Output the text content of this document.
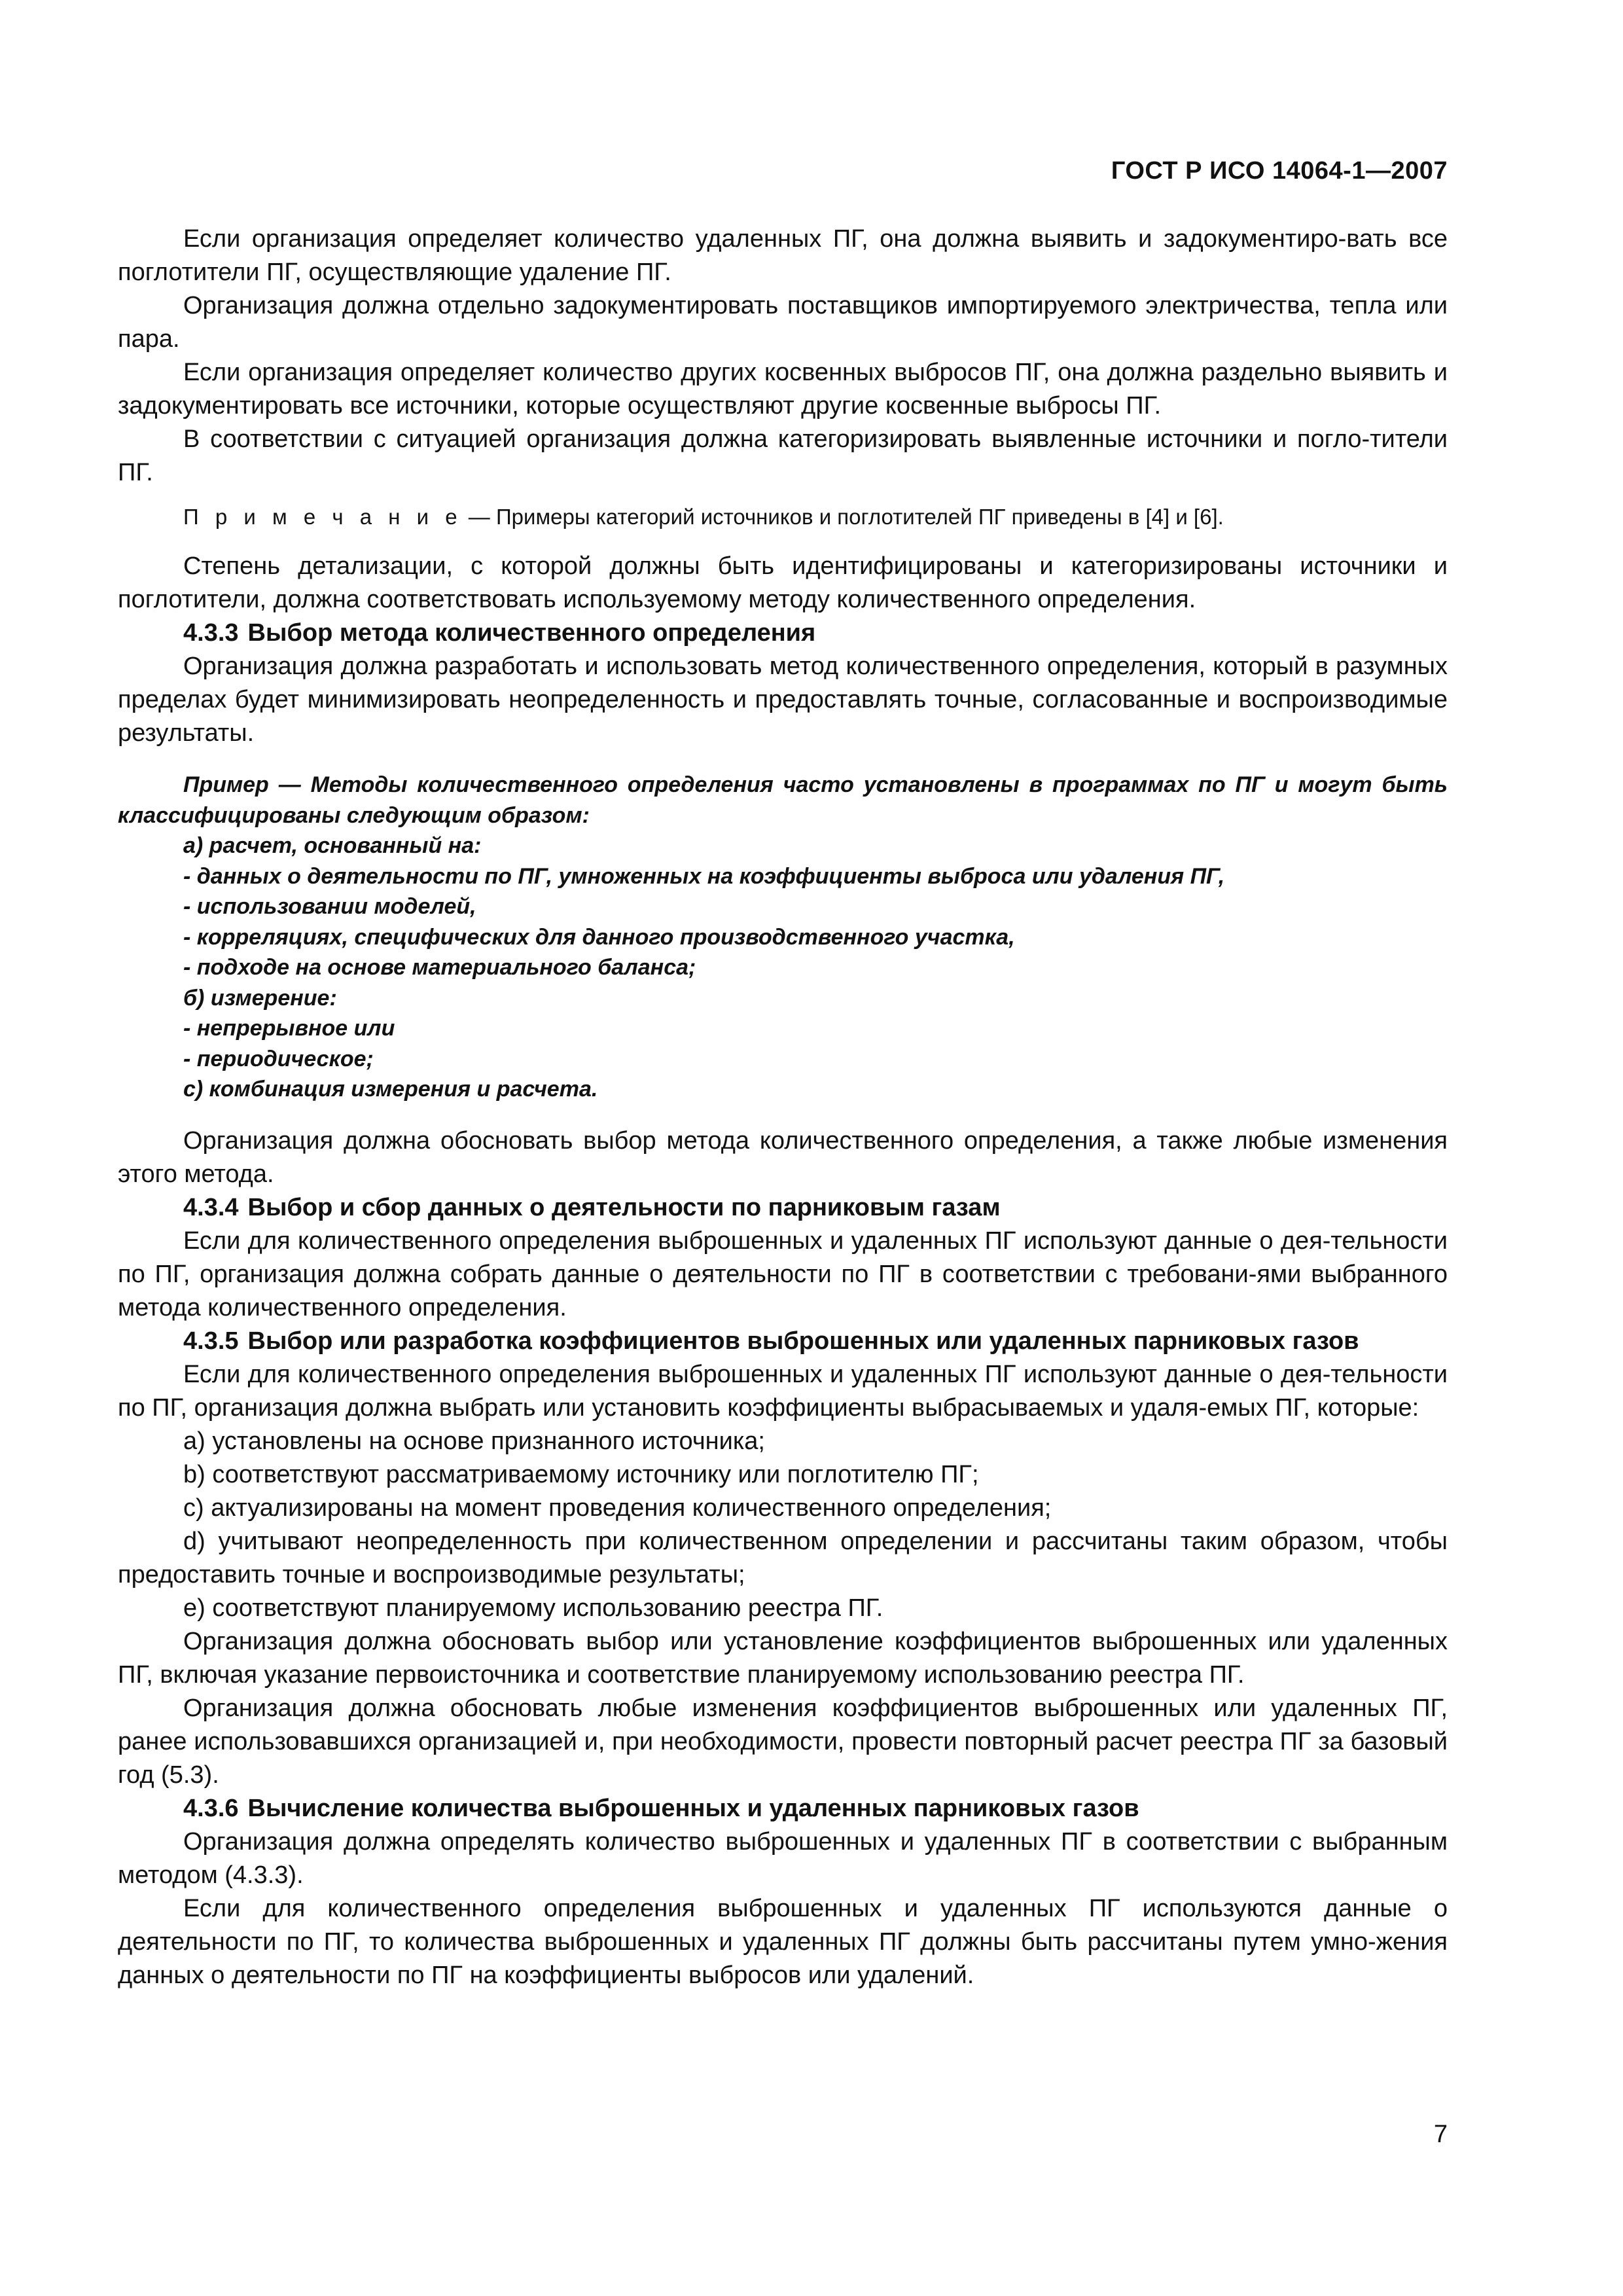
ГОСТ Р ИСО 14064-1—2007

Если организация определяет количество удаленных ПГ, она должна выявить и задокументиро-вать все поглотители ПГ, осуществляющие удаление ПГ.

Организация должна отдельно задокументировать поставщиков импортируемого электричества, тепла или пара.

Если организация определяет количество других косвенных выбросов ПГ, она должна раздельно выявить и задокументировать все источники, которые осуществляют другие косвенные выбросы ПГ.

В соответствии с ситуацией организация должна категоризировать выявленные источники и погло-тители ПГ.

П р и м е ч а н и е — Примеры категорий источников и поглотителей ПГ приведены в [4] и [6].

Степень детализации, с которой должны быть идентифицированы и категоризированы источники и поглотители, должна соответствовать используемому методу количественного определения.

4.3.3 Выбор метода количественного определения

Организация должна разработать и использовать метод количественного определения, который в разумных пределах будет минимизировать неопределенность и предоставлять точные, согласованные и воспроизводимые результаты.

Пример — Методы количественного определения часто установлены в программах по ПГ и могут быть классифицированы следующим образом:

а) расчет, основанный на:

- данных о деятельности по ПГ, умноженных на коэффициенты выброса или удаления ПГ,

- использовании моделей,

- корреляциях, специфических для данного производственного участка,

- подходе на основе материального баланса;

б) измерение:

- непрерывное или

- периодическое;

с) комбинация измерения и расчета.

Организация должна обосновать выбор метода количественного определения, а также любые изменения этого метода.

4.3.4 Выбор и сбор данных о деятельности по парниковым газам

Если для количественного определения выброшенных и удаленных ПГ используют данные о дея-тельности по ПГ, организация должна собрать данные о деятельности по ПГ в соответствии с требовани-ями выбранного метода количественного определения.

4.3.5 Выбор или разработка коэффициентов выброшенных или удаленных парниковых газов

Если для количественного определения выброшенных и удаленных ПГ используют данные о дея-тельности по ПГ, организация должна выбрать или установить коэффициенты выбрасываемых и удаля-емых ПГ, которые:

а) установлены на основе признанного источника;

b) соответствуют рассматриваемому источнику или поглотителю ПГ;

с) актуализированы на момент проведения количественного определения;

d) учитывают неопределенность при количественном определении и рассчитаны таким образом, чтобы предоставить точные и воспроизводимые результаты;

е) соответствуют планируемому использованию реестра ПГ.

Организация должна обосновать выбор или установление коэффициентов выброшенных или удаленных ПГ, включая указание первоисточника и соответствие планируемому использованию реестра ПГ.

Организация должна обосновать любые изменения коэффициентов выброшенных или удаленных ПГ, ранее использовавшихся организацией и, при необходимости, провести повторный расчет реестра ПГ за базовый год (5.3).

4.3.6 Вычисление количества выброшенных и удаленных парниковых газов

Организация должна определять количество выброшенных и удаленных ПГ в соответствии с выбранным методом (4.3.3).

Если для количественного определения выброшенных и удаленных ПГ используются данные о деятельности по ПГ, то количества выброшенных и удаленных ПГ должны быть рассчитаны путем умно-жения данных о деятельности по ПГ на коэффициенты выбросов или удалений.

7
